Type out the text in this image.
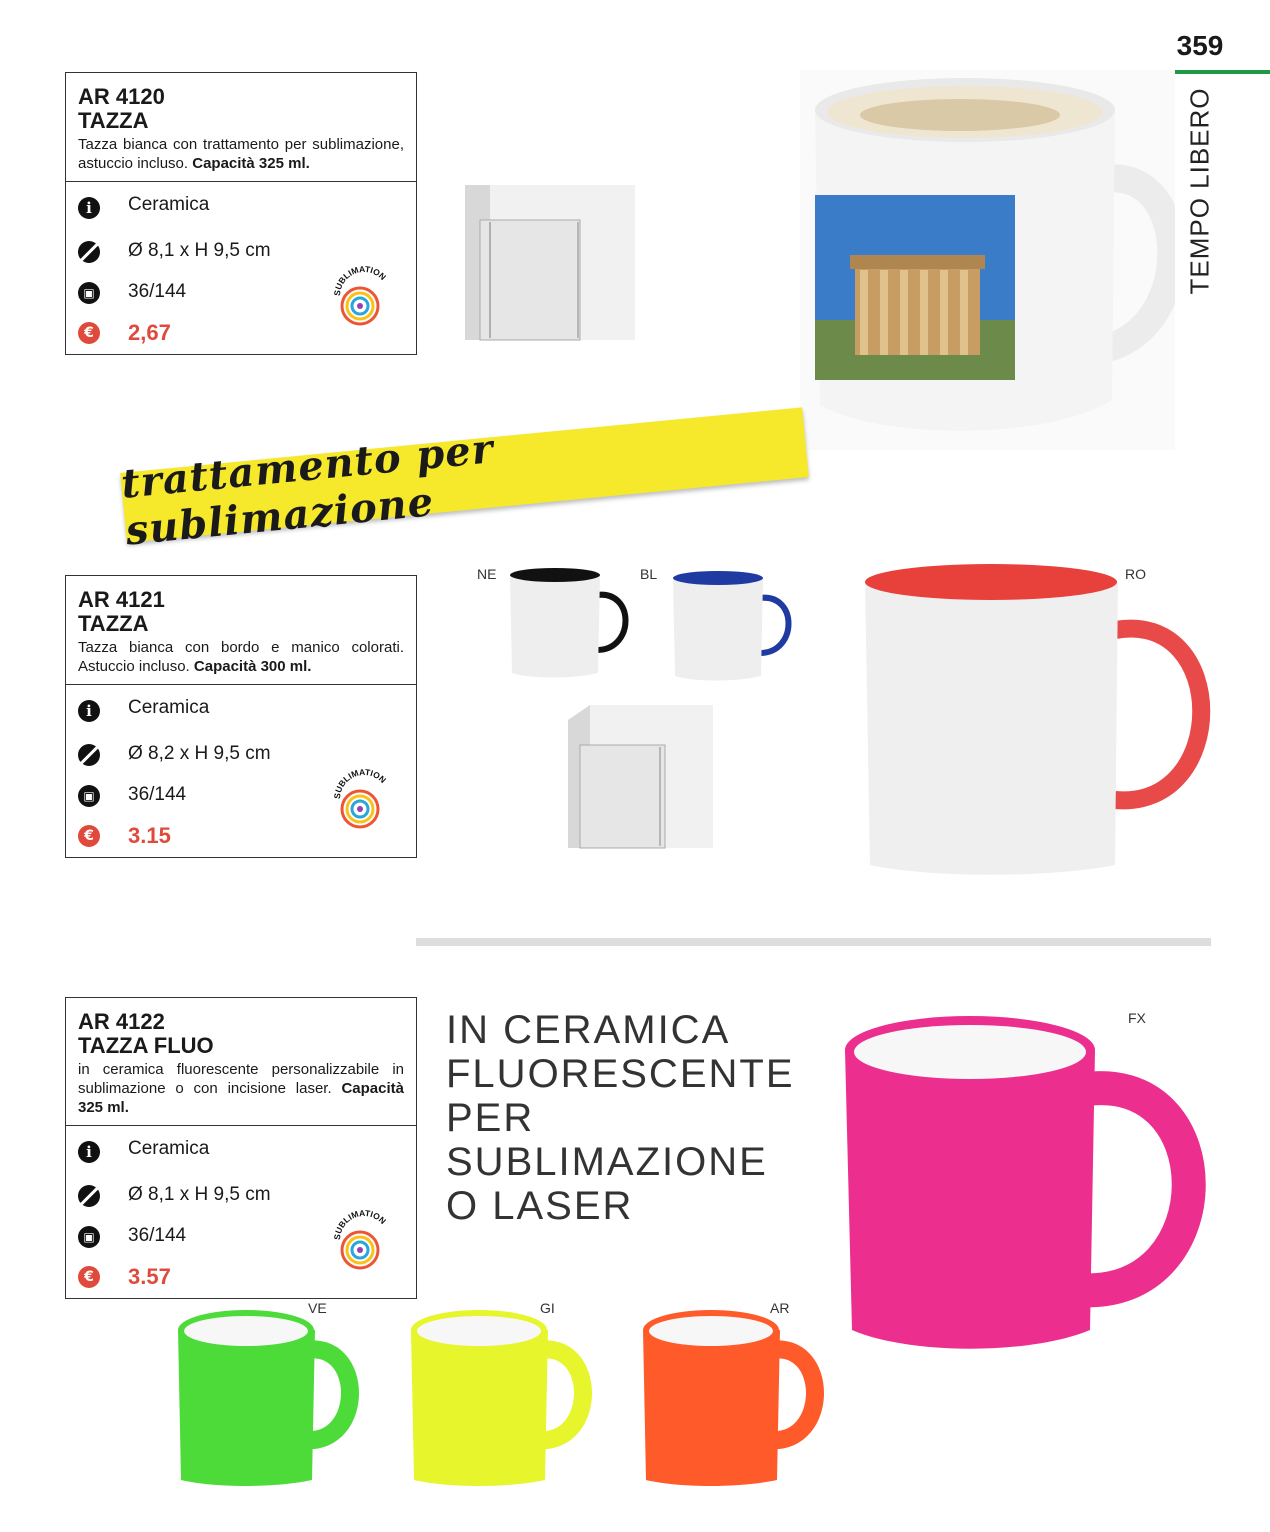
359
TEMPO LIBERO
AR 4120
TAZZA
Tazza bianca con trattamento per sublimazione, astuccio incluso. Capacità 325 ml.
i	Ceramica
Ø 8,1 x H 9,5 cm
▣ 36/144
€ 2,67
SUBLIMATION
trattamento per sublimazione
AR 4121
TAZZA
Tazza bianca con bordo e manico colorati. Astuccio incluso. Capacità 300 ml.
i	Ceramica
Ø 8,2 x H 9,5 cm
▣ 36/144
€ 3.15
SUBLIMATION
NE	BL	RO
AR 4122
TAZZA FLUO
in ceramica fluorescente personalizzabile in sublimazione o con incisione laser. Capacità 325 ml.
i	Ceramica
Ø 8,1 x H 9,5 cm
▣ 36/144
€ 3.57
SUBLIMATION
IN CERAMICA
FLUORESCENTE
PER
SUBLIMAZIONE
O LASER
FX
VE	GI	AR
